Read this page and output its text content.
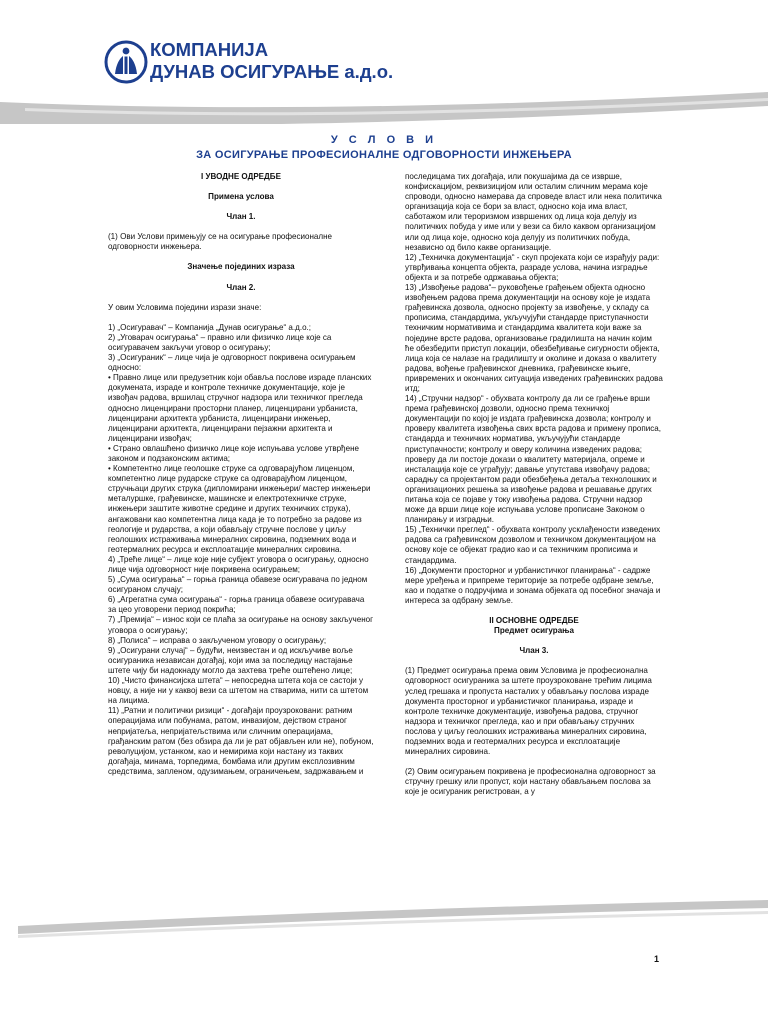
КОМПАНИЈА
ДУНАВ ОСИГУРАЊЕ а.д.о.
У С Л О В И
ЗА ОСИГУРАЊЕ ПРОФЕСИОНАЛНЕ ОДГОВОРНОСТИ ИНЖЕЊЕРА

I УВОДНЕ ОДРЕДБЕ

Примена услова

Члан 1.

(1) Ови Услови примењују се на осигурање професионалне одговорности инжењера.

Значење појединих израза

Члан 2.

У овим Условима поједини изрази значе:

1) „Осигуравач“ – Компанија „Дунав осигурање“ а.д.о.;

2) „Уговарач осигурања“ – правно или физичко лице које са осигуравачем закључи уговор о осигурању;

3) „Осигураник“ – лице чија је одговорност покривена осигурањем односно:

• Правно лице или предузетник који обавља послове израде планских докумената, израде и контроле техничке документације, које је извођач радова, вршилац стручног надзора или техничког прегледа односно лиценцирани просторни планер, лиценцирани урбаниста, лиценцирани архитекта урбаниста, лиценцирани инжењер, лиценцирани архитекта, лиценцирани пејзажни архитекта и лиценцирани извођач;

• Страно овлашћено физичко лице које испуњава услове утврђене законом и подзаконским актима;

• Компетентно лице геолошке струке са одговарајућом лиценцом, компетентно лице рударске струке са одговарајућом лиценцом, стручњаци других струка (дипломирани инжењери/ мастер инжењери металуршке, грађевинске, машинске и електротехничке струке, инжењери заштите животне средине и других техничких струка), ангажовани као компетентна лица када је то потребно за радове из геологије и рударства, а који обављају стручне послове у циљу геолошких истраживања минералних сировина, подземних вода и геотермалних ресурса и експлоатације минералних сировина.

4) „Треће лице“ – лице које није субјект уговора о осигурању, односно лице чија одговорност није покривена осигурањем;

5) „Сума осигурања“ – горња граница обавезе осигуравача по једном осигураном случају;

6) „Агрегатна сума осигурања“ - горња граница обавезе осигуравача за цео уговорени период покрића;

7) „Премија“ – износ који се плаћа за осигурање на основу закљученог уговора о осигурању;

8) „Полиса“ – исправа о закљученом уговору о осигурању;

9) „Осигурани случај“ – будући, неизвестан и од искључиве воље осигураника независан догађај, који има за последицу настајање штете чију би надокнаду могло да захтева треће оштећено лице;

10) „Чисто финансијска штета“ – непосредна штета која се састоји у новцу, а није ни у каквој вези са штетом на стварима, нити са штетом на лицима.

11) „Ратни и политички ризици“ - догађаји проузроковани: ратним операцијама или побунама, ратом, инвазијом, дејством страног непријатеља, непријатељствима или сличним операцијама, грађанским ратом (без обзира да ли је рат објављен или не), побуном, револуцијом, устанком, као и немирима који настану из таквих догађаја, минама, торпедима, бомбама или другим експлозивним средствима, запленом, одузимањем, ограничењем, задржавањем и

последицама тих догађаја, или покушајима да се изврше, конфискацијом, реквизицијом или осталим сличним мерама које спроводи, односно намерава да спроведе власт или нека политичка организација која се бори за власт, односно која има власт, саботажом или тероризмом извршених од лица која делују из политичких побуда у име или у вези са било каквом организацијом или од лица које, односно која делују из политичких побуда, независно од било какве организације.

12) „Техничка документација“ - скуп пројеката који се израђују ради: утврђивања концепта објекта, разраде услова, начина изградње објекта и за потребе одржавања објекта;

13) „Извођење радова“– руковођење грађењем објекта односно извођењем радова према документацији на основу које је издата грађевинска дозвола, односно пројекту за извођење, у складу са прописима, стандардима, укључујући стандарде приступачности техничким нормативима и стандардима квалитета који важе за поједине врсте радова, организовање градилишта на начин којим ће обезбедити приступ локацији, обезбеђивање сигурности објекта, лица која се налазе на градилишту и околине и доказа о квалитету радова, вођење грађевинског дневника, грађевинске књиге, привремених и окончаних ситуација изведених грађевинских радова итд;

14) „Стручни надзор“ - обухвата контролу да ли се грађење врши према грађевинској дозволи, односно према техничкој документацији по којој је издата грађевинска дозвола; контролу и проверу квалитета извођења свих врста радова и примену прописа, стандарда и техничких норматива, укључујући стандарде приступачности; контролу и оверу количина изведених радова; проверу да ли постоје докази о квалитету материјала, опреме и инсталација које се уграђују; давање упутстава извођачу радова; сарадњу са пројектантом ради обезбеђења детаља технолошких и организационих решења за извођење радова и решавање других питања која се појаве у току извођења радова. Стручни надзор може да врши лице које испуњава услове прописане Законом о планирању и изградњи.

15) „Технички преглед“ - обухвата контролу усклађености изведених радова са грађевинском дозволом и техничком документацијом на основу које се објекат градио као и са техничким прописима и стандардима.

16) „Документи просторног и урбанистичког планирања“ - садрже мере уређења и припреме територије за потребе одбране земље, као и податке о подручјима и зонама објеката од посебног значаја и интереса за одбрану земље.

II ОСНОВНЕ ОДРЕДБЕ

Предмет осигурања

Члан 3.

(1) Предмет осигурања према овим Условима је професионална одговорност осигураника за штете проузроковане трећим лицима услед грешака и пропуста насталих у обављању послова израде документа просторног и урбанистичког планирања, израде и контроле техничке документације, извођења радова, стручног надзора и техничког прегледа, као и при обављању стручних послова у циљу геолошких истраживања минералних сировина, подземних вода и геотермалних ресурса и експлоатације минералних сировина.

(2) Овим осигурањем покривена је професионална одговорност за стручну грешку или пропуст, који настану обављањем послова за које је осигураник регистрован, а у

1
